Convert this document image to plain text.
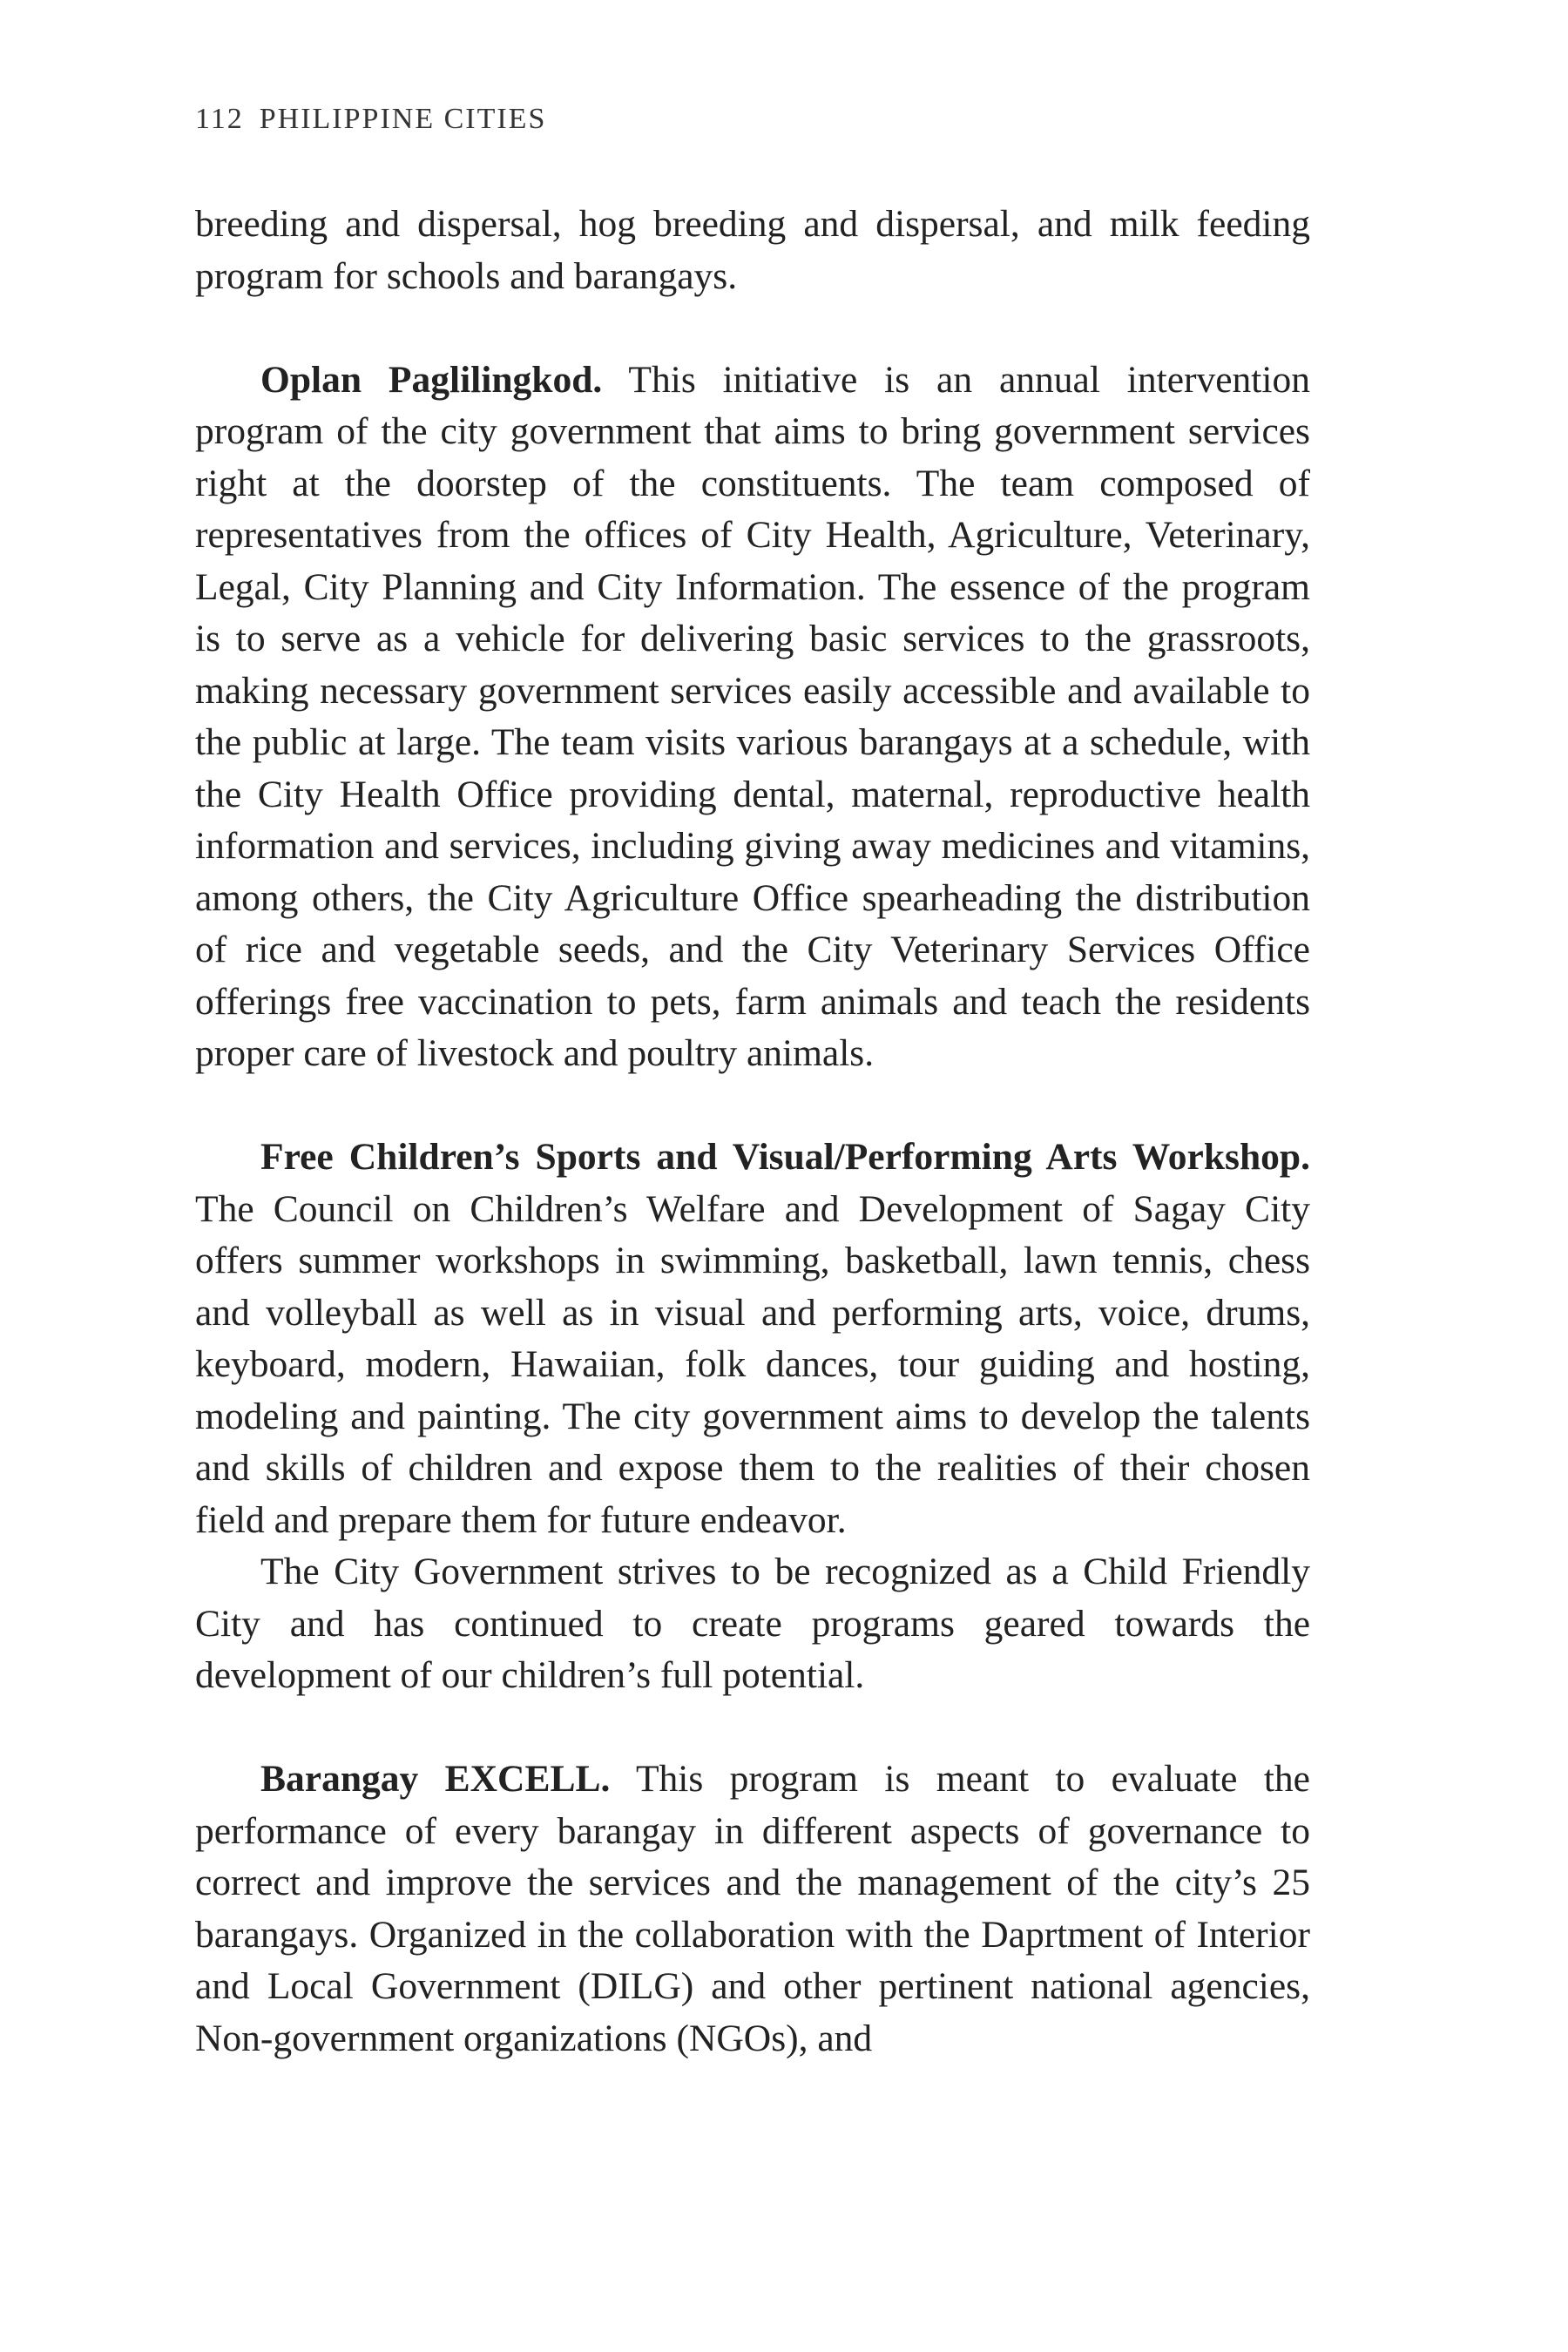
112 PHILIPPINE CITIES

breeding and dispersal, hog breeding and dispersal, and milk feeding program for schools and barangays.

Oplan Paglilingkod. This initiative is an annual intervention program of the city government that aims to bring government services right at the doorstep of the constituents. The team composed of representatives from the offices of City Health, Agriculture, Veterinary, Legal, City Planning and City Information. The essence of the program is to serve as a vehicle for delivering basic services to the grassroots, making necessary government services easily accessible and available to the public at large. The team visits various barangays at a schedule, with the City Health Office providing dental, maternal, reproductive health information and services, including giving away medicines and vitamins, among others, the City Agriculture Office spearheading the distribution of rice and vegetable seeds, and the City Veterinary Services Office offerings free vaccination to pets, farm animals and teach the residents proper care of livestock and poultry animals.

Free Children’s Sports and Visual/Performing Arts Workshop. The Council on Children’s Welfare and Development of Sagay City offers summer workshops in swimming, basketball, lawn tennis, chess and volleyball as well as in visual and performing arts, voice, drums, keyboard, modern, Hawaiian, folk dances, tour guiding and hosting, modeling and painting. The city government aims to develop the talents and skills of children and expose them to the realities of their chosen field and prepare them for future endeavor.

The City Government strives to be recognized as a Child Friendly City and has continued to create programs geared towards the development of our children’s full potential.

Barangay EXCELL. This program is meant to evaluate the performance of every barangay in different aspects of governance to correct and improve the services and the management of the city’s 25 barangays. Organized in the collaboration with the Daprtment of Interior and Local Government (DILG) and other pertinent national agencies, Non-government organizations (NGOs), and
